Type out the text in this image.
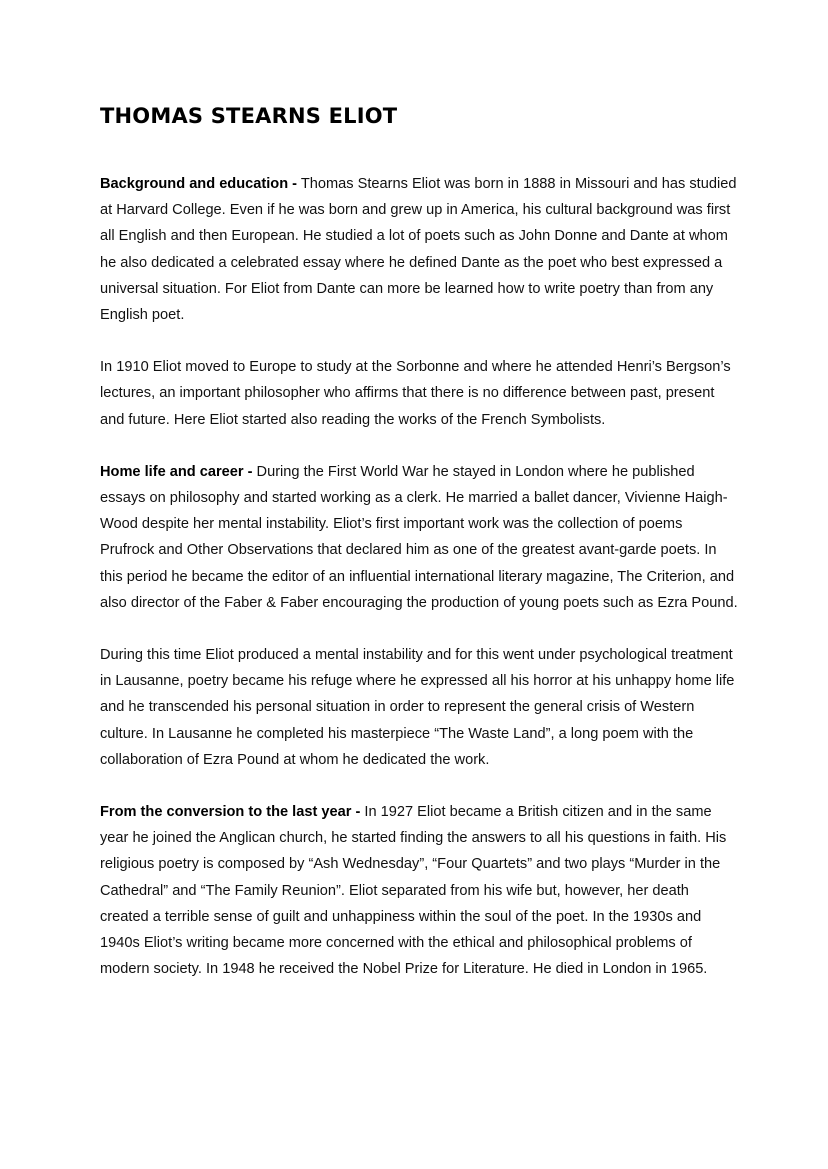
THOMAS STEARNS ELIOT

Background and education - Thomas Stearns Eliot was born in 1888 in Missouri and has studied at Harvard College. Even if he was born and grew up in America, his cultural background was first all English and then European. He studied a lot of poets such as John Donne and Dante at whom he also dedicated a celebrated essay where he defined Dante as the poet who best expressed a universal situation. For Eliot from Dante can more be learned how to write poetry than from any English poet.

In 1910 Eliot moved to Europe to study at the Sorbonne and where he attended Henri’s Bergson’s lectures, an important philosopher who affirms that there is no difference between past, present and future. Here Eliot started also reading the works of the French Symbolists.

Home life and career - During the First World War he stayed in London where he published essays on philosophy and started working as a clerk. He married a ballet dancer, Vivienne Haigh-Wood despite her mental instability. Eliot’s first important work was the collection of poems Prufrock and Other Observations that declared him as one of the greatest avant-garde poets. In this period he became the editor of an influential international literary magazine, The Criterion, and also director of the Faber & Faber encouraging the production of young poets such as Ezra Pound.

During this time Eliot produced a mental instability and for this went under psychological treatment in Lausanne, poetry became his refuge where he expressed all his horror at his unhappy home life and he transcended his personal situation in order to represent the general crisis of Western culture. In Lausanne he completed his masterpiece “The Waste Land”, a long poem with the collaboration of Ezra Pound at whom he dedicated the work.

From the conversion to the last year - In 1927 Eliot became a British citizen and in the same year he joined the Anglican church, he started finding the answers to all his questions in faith. His religious poetry is composed by “Ash Wednesday”, “Four Quartets” and two plays “Murder in the Cathedral” and “The Family Reunion”. Eliot separated from his wife but, however, her death created a terrible sense of guilt and unhappiness within the soul of the poet. In the 1930s and 1940s Eliot’s writing became more concerned with the ethical and philosophical problems of modern society. In 1948 he received the Nobel Prize for Literature. He died in London in 1965.
